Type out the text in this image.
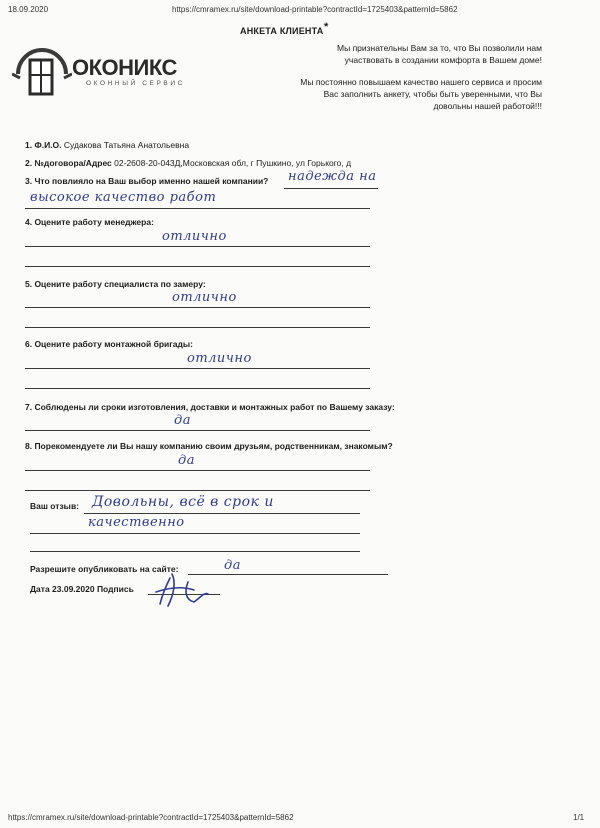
18.09.2020	https://cmramex.ru/site/download-printable?contractId=1725403&patternId=5862
https://cmramex.ru/site/download-printable?contractId=1725403&patternId=5862	1/1
ОКОНИКС
ОКОННЫЙ СЕРВИС
АНКЕТА КЛИЕНТА *
Мы признательны Вам за то, что Вы позволили нам участвовать в создании комфорта в Вашем доме!
Мы постоянно повышаем качество нашего сервиса и просим Вас заполнить анкету, чтобы быть уверенными, что Вы довольны нашей работой!!!
1. Ф.И.О. Судакова Татьяна Анатольевна
2. №договора/Адрес 02-2608-20-043Д,Московская обл, г Пушкино, ул Горького, д
3. Что повлияло на Ваш выбор именно нашей компании? надежда на
высокое качество работ
4. Оцените работу менеджера:
отлично
5. Оцените работу специалиста по замеру:
отлично
6. Оцените работу монтажной бригады:
отлично
7. Соблюдены ли сроки изготовления, доставки и монтажных работ по Вашему заказу:
да
8. Порекомендуете ли Вы нашу компанию своим друзьям, родственникам, знакомым?
да
Ваш отзыв: Довольны, всё в срок и
качественно
Разрешите опубликовать на сайте:	да
Дата 23.09.2020 Подпись
